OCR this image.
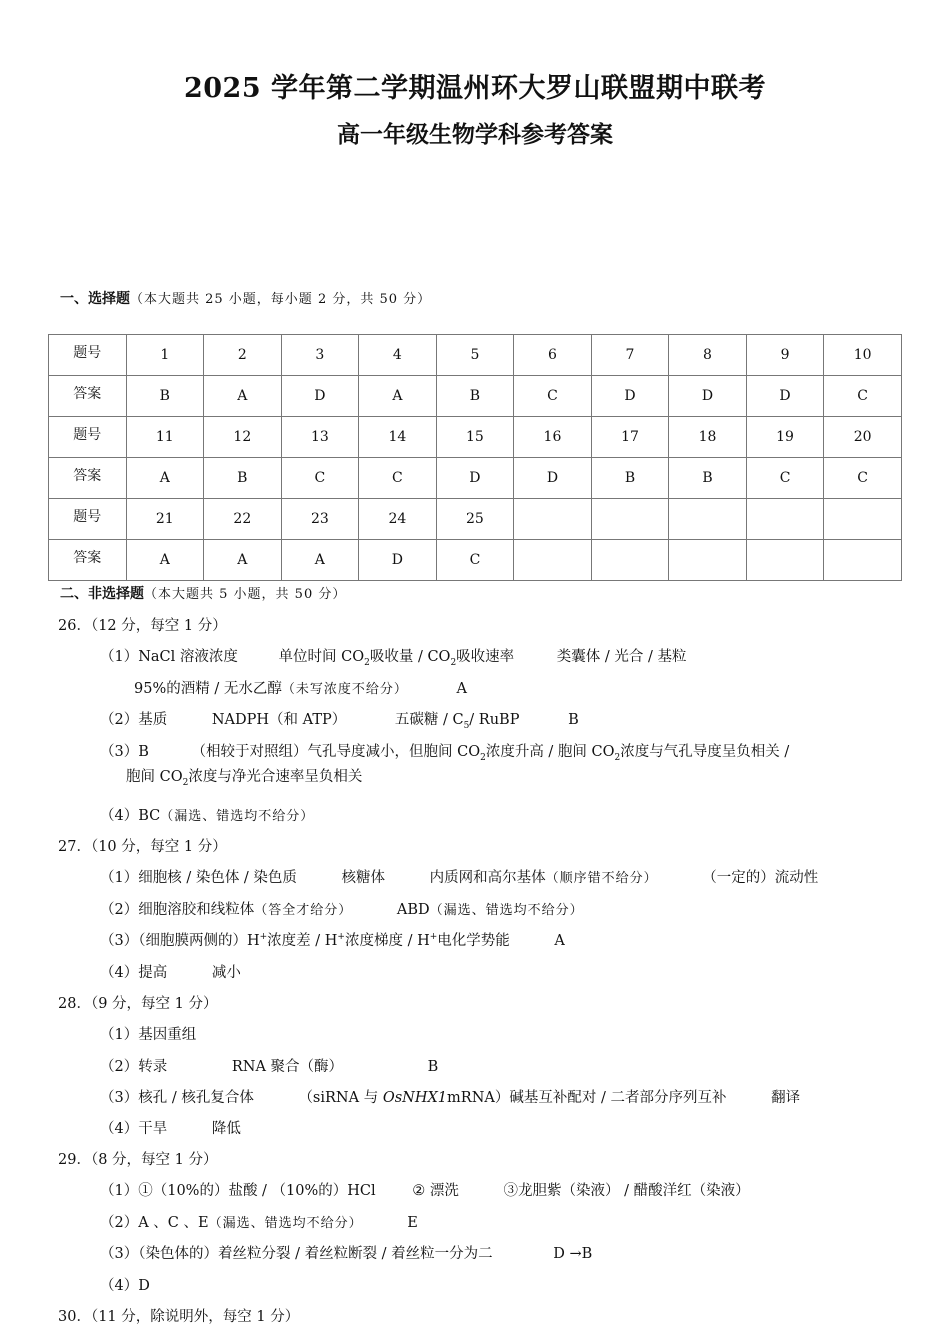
2025 学年第二学期温州环大罗山联盟期中联考
高一年级生物学科参考答案
一、选择题（本大题共 25 小题，每小题 2 分，共 50 分）
题号	1	2	3	4	5	6	7	8	9	10
答案	B	A	D	A	B	C	D	D	D	C
题号	11	12	13	14	15	16	17	18	19	20
答案	A	B	C	C	D	D	B	B	C	C
题号	21	22	23	24	25					
答案	A	A	A	D	C					
二、非选择题（本大题共 5 小题，共 50 分）
26．（12 分，每空 1 分）
（1）NaCl 溶液浓度	单位时间 $CO_2$吸收量 / $CO_2$吸收速率	类囊体 / 光合 / 基粒
95%的酒精 / 无水乙醇（未写浓度不给分）	A
（2）基质	NADPH（和 ATP）	五碳糖 / $C_5/$ RuBP	B
（3）B	（相较于对照组）气孔导度减小，但胞间 $CO_2$浓度升高 / 胞间 $CO_2$浓度与气孔导度呈负相关 /
胞间 $CO_2$浓度与净光合速率呈负相关
（4）BC（漏选、错选均不给分）
27．（10 分，每空 1 分）
（1）细胞核 / 染色体 / 染色质	核糖体	内质网和高尔基体（顺序错不给分）	（一定的）流动性
（2）细胞溶胶和线粒体（答全才给分）	ABD（漏选、错选均不给分）
（3）（细胞膜两侧的）H+浓度差 / H+浓度梯度 / H+电化学势能	A
（4）提高	减小
28．（9 分，每空 1 分）
（1）基因重组
（2）转录	RNA 聚合（酶）	B
（3）核孔 / 核孔复合体	（siRNA 与 OsNHX1mRNA）碱基互补配对 / 二者部分序列互补	翻译
（4）干旱	降低
29．（8 分，每空 1 分）
（1）①（10%的）盐酸 / （10%的）HCl	② 漂洗	③龙胆紫（染液） / 醋酸洋红（染液）
（2）A 、C 、E（漏选、错选均不给分）	E
（3）（染色体的）着丝粒分裂 / 着丝粒断裂 / 着丝粒一分为二	D →B
（4）D
30．（11 分，除说明外，每空 1 分）
